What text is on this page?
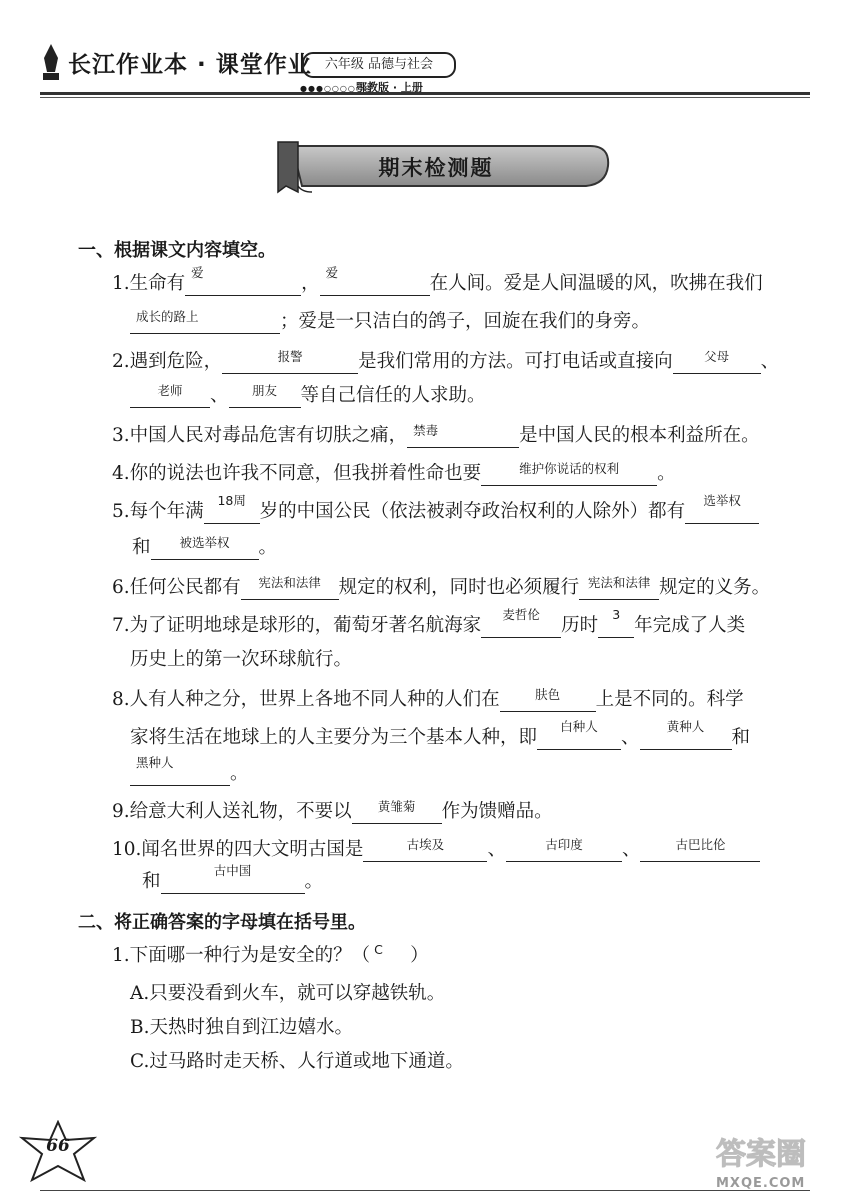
长江作业本 · 课堂作业	六年级 品德与社会
●●●○○○○○○
鄂教版 · 上册
期末检测题
一、根据课文内容填空。
1.生命有
爱
，
爱
在人间。爱是人间温暖的风，吹拂在我们
成长的路上	；爱是一只洁白的鸽子，回旋在我们的身旁。
2.遇到危险，	报警	是我们常用的方法。可打电话或直接向	父母	、
老师	、	朋友	等自己信任的人求助。
3.中国人民对毒品危害有切肤之痛， 禁毒	是中国人民的根本利益所在。
4.你的说法也许我不同意，但我拼着性命也要	维护你说话的权利	。
5.每个年满
18周
岁的中国公民（依法被剥夺政治权利的人除外）都有
选举权
和	被选举权	。
6.任何公民都有	宪法和法律 规定的权利，同时也必须履行 宪法和法律 规定的义务。
7.为了证明地球是球形的，葡萄牙著名航海家
麦哲伦
历时
3
年完成了人类
历史上的第一次环球航行。
8.人有人种之分，世界上各地不同人种的人们在	肤色	上是不同的。科学
家将生活在地球上的人主要分为三个基本人种，即
白种人
、
黄种人
和
黑种人
。
9.给意大利人送礼物，不要以	黄雏菊	作为馈赠品。
10.闻名世界的四大文明古国是	古埃及	、	古印度	、	古巴比伦
和
古中国
。
二、将正确答案的字母填在括号里。
1.下面哪一种行为是安全的？（ C ）
A.只要没看到火车，就可以穿越铁轨。
B.天热时独自到江边嬉水。
C.过马路时走天桥、人行道或地下通道。
66	答案圈
MXQE.COM
